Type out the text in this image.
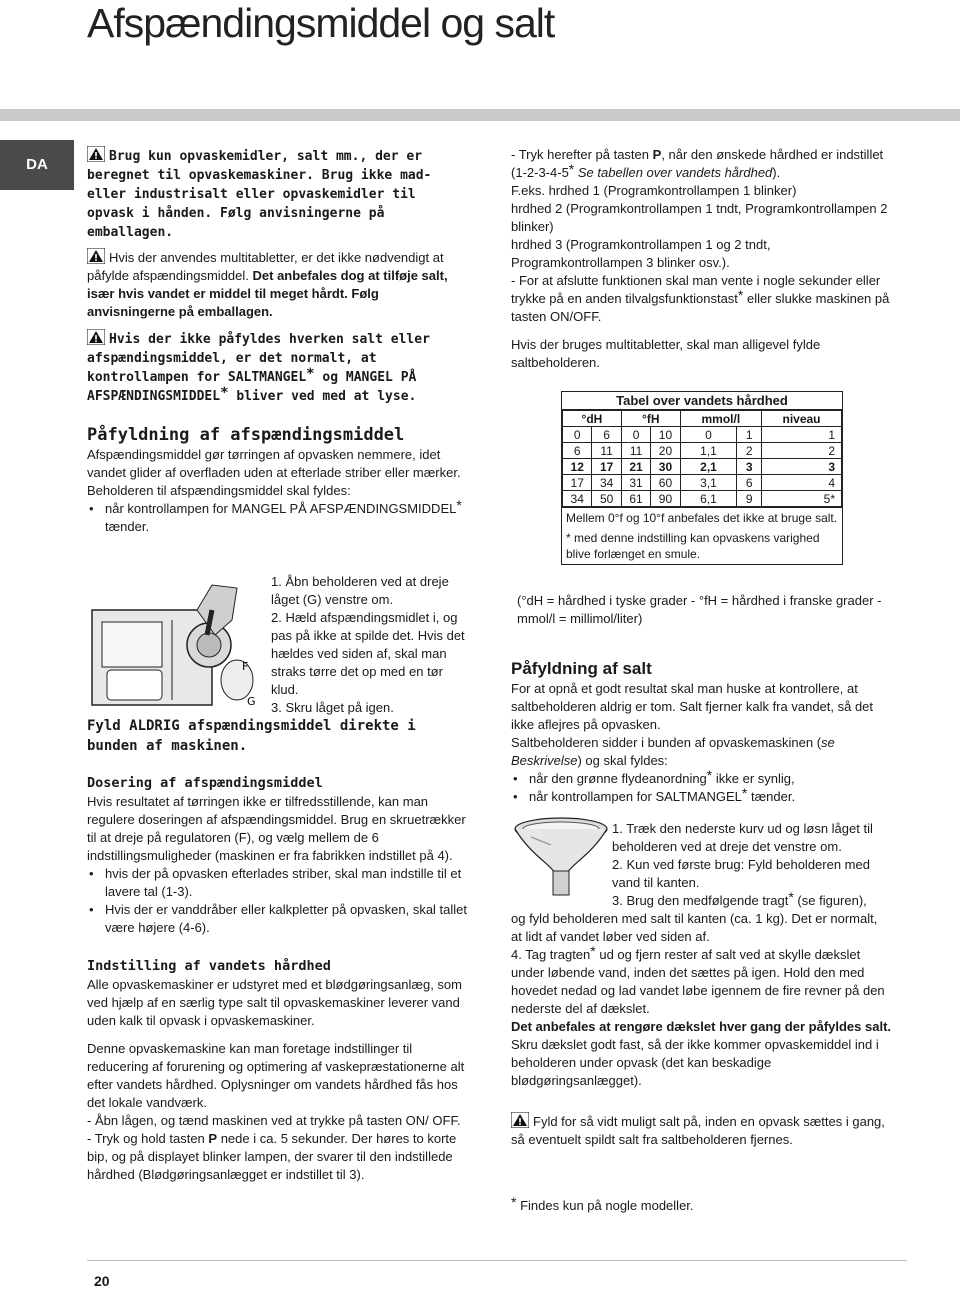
Afspændingsmiddel og salt
DA	Brug kun opvaskemidler, salt mm., der er beregnet til opvaskemaskiner. Brug ikke mad- eller industrisalt eller opvaskemidler til opvask i hånden. Følg anvisningerne på emballagen.

Hvis der anvendes multitabletter, er det ikke nødvendigt at påfylde afspændingsmiddel. Det anbefales dog at tilføje salt, især hvis vandet er middel til meget hårdt. Følg anvisningerne på emballagen.

Hvis der ikke påfyldes hverken salt eller afspændingsmiddel, er det normalt, at kontrollampen for SALTMANGEL* og MANGEL PÅ AFSPÆNDINGSMIDDEL* bliver ved med at lyse.

Påfyldning af afspændingsmiddel

Afspændingsmiddel gør tørringen af opvasken nemmere, idet vandet glider af overfladen uden at efterlade striber eller mærker.

Beholderen til afspændingsmiddel skal fyldes:

• når kontrollampen for MANGEL PÅ AFSPÆNDINGSMIDDEL* tænder.
F
G

1. Åbn beholderen ved at dreje låget (G) venstre om.

2. Hæld afspændingsmidlet i, og pas på ikke at spilde det. Hvis det hældes ved siden af, skal man straks tørre det op med en tør klud.

3. Skru låget på igen.

Fyld ALDRIG afspændingsmiddel direkte i bunden af maskinen.

Dosering af afspændingsmiddel

Hvis resultatet af tørringen ikke er tilfredsstillende, kan man regulere doseringen af afspændingsmiddel. Brug en skruetrækker til at dreje på regulatoren (F), og vælg mellem de 6 indstillingsmuligheder (maskinen er fra fabrikken indstillet på 4).

• hvis der på opvasken efterlades striber, skal man indstille til et lavere tal (1-3).
• Hvis der er vanddråber eller kalkpletter på opvasken, skal tallet være højere (4-6).
Indstilling af vandets hårdhed

Alle opvaskemaskiner er udstyret med et blødgøringsanlæg, som ved hjælp af en særlig type salt til opvaskemaskiner leverer vand uden kalk til opvask i opvaskemaskiner.

Denne opvaskemaskine kan man foretage indstillinger til reducering af forurening og optimering af vaskepræstationerne alt efter vandets hårdhed. Oplysninger om vandets hårdhed fås hos det lokale vandværk.

- Åbn lågen, og tænd maskinen ved at trykke på tasten ON/ OFF.

- Tryk og hold tasten P nede i ca. 5 sekunder. Der høres to korte bip, og på displayet blinker lampen, der svarer til den indstillede hårdhed (Blødgøringsanlægget er indstillet til 3).

- Tryk herefter på tasten P, når den ønskede hårdhed er indstillet (1-2-3-4-5* Se tabellen over vandets hårdhed).

F.eks. hrdhed 1 (Programkontrollampen 1 blinker)

hrdhed 2 (Programkontrollampen 1 tndt, Programkontrollampen 2 blinker)

hrdhed 3 (Programkontrollampen 1 og 2 tndt, Programkontrollampen 3 blinker osv.).

- For at afslutte funktionen skal man vente i nogle sekunder eller trykke på en anden tilvalgsfunktionstast* eller slukke maskinen på tasten ON/OFF.

Hvis der bruges multitabletter, skal man alligevel fylde saltbeholderen.

Tabel over vandets hårdhed
°dH		°fH		mmol/l		niveau
0	6	0	10	0	1	1
6	11	11	20	1,1	2	2
12	17	21	30	2,1	3	3
17	34	31	60	3,1	6	4
34	50	61	90	6,1	9	5*
Mellem 0°f og 10°f anbefales det ikke at bruge salt.
* med denne indstilling kan opvaskens varighed blive forlænget en smule.

(°dH = hårdhed i tyske grader - °fH = hårdhed i franske grader - mmol/l = millimol/liter)

Påfyldning af salt

For at opnå et godt resultat skal man huske at kontrollere, at saltbeholderen aldrig er tom. Salt fjerner kalk fra vandet, så det ikke aflejres på opvasken.

Saltbeholderen sidder i bunden af opvaskemaskinen (se Beskrivelse) og skal fyldes:

• når den grønne flydeanordning* ikke er synlig,
• når kontrollampen for SALTMANGEL* tænder.

1. Træk den nederste kurv ud og løsn låget til beholderen ved at dreje det venstre om.

2. Kun ved første brug: Fyld beholderen med vand til kanten.

3. Brug den medfølgende tragt* (se figuren),

og fyld beholderen med salt til kanten (ca. 1 kg). Det er normalt, at lidt af vandet løber ved siden af.

4. Tag tragten* ud og fjern rester af salt ved at skylle dækslet under løbende vand, inden det sættes på igen. Hold den med hovedet nedad og lad vandet løbe igennem de fire revner på den nederste del af dækslet.

Det anbefales at rengøre dækslet hver gang der påfyldes salt.

Skru dækslet godt fast, så der ikke kommer opvaskemiddel ind i beholderen under opvask (det kan beskadige blødgøringsanlægget).

Fyld for så vidt muligt salt på, inden en opvask sættes i gang, så eventuelt spildt salt fra saltbeholderen fjernes.

* Findes kun på nogle modeller.

20
